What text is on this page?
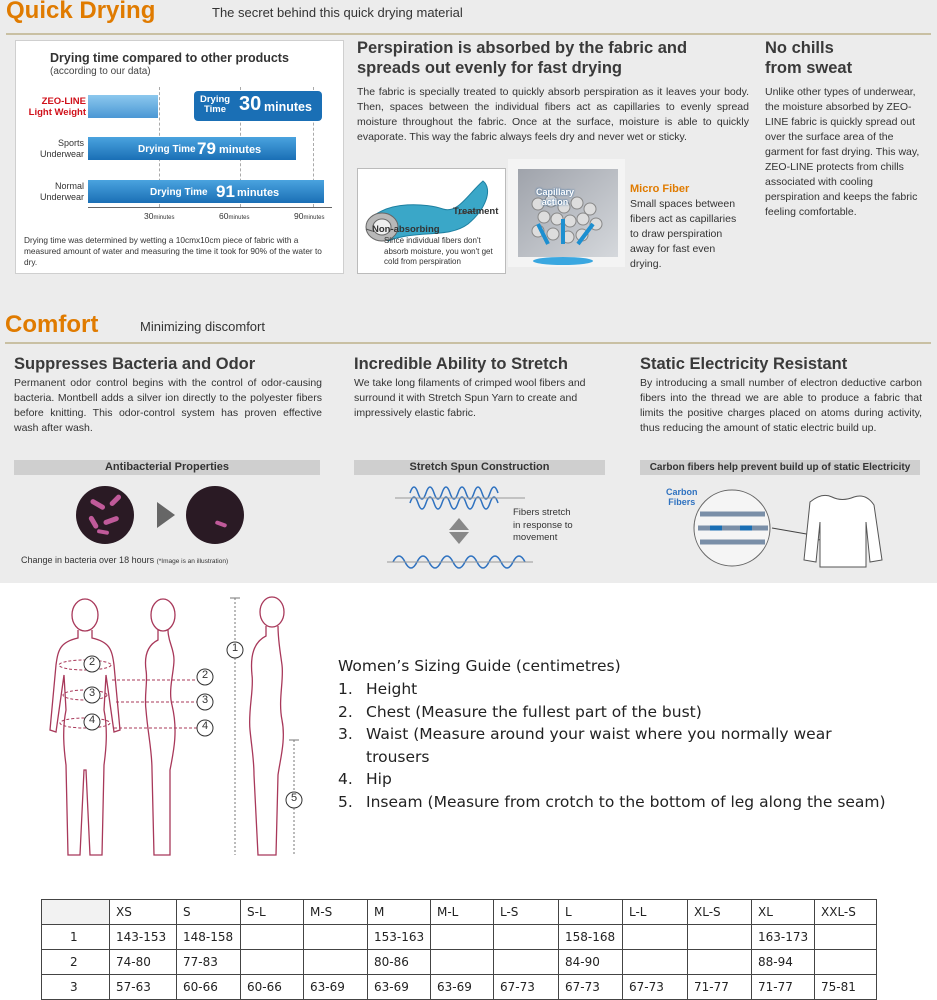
Quick Drying	The secret behind this quick drying material
Drying time compared to other products
(according to our data)
ZEO-LINE
Light Weight
Drying
Time 30 minutes
Sports
Underwear	Drying Time 79 minutes
Normal
Underwear	Drying Time 91 minutes
30minutes	60minutes	90minutes
Drying time was determined by wetting a 10cmx10cm piece of fabric with a measured amount of water and measuring the time it took for 90% of the water to dry.
Perspiration is absorbed by the fabric and
spreads out evenly for fast drying
The fabric is specially treated to quickly absorb perspiration as it leaves your body. Then, spaces between the individual fibers act as capillaries to evenly spread moisture throughout the fabric. Once at the surface, moisture is able to quickly evaporate. This way the fabric always feels dry and never wet or sticky.
Treatment
Non-absorbing
Since individual fibers don't absorb moisture, you won't get cold from perspiration
Capillary
action
Micro Fiber
Small spaces between fibers act as capillaries to draw perspiration away for fast even drying.
No chills
from sweat
Unlike other types of underwear, the moisture absorbed by ZEO-LINE fabric is quickly spread out over the surface area of the garment for fast drying. This way, ZEO-LINE protects from chills associated with cooling perspiration and keeps the fabric feeling comfortable.
Comfort	Minimizing discomfort
Suppresses Bacteria and Odor
Permanent odor control begins with the control of odor-causing bacteria. Montbell adds a silver ion directly to the polyester fibers before knitting. This odor-control system has proven effective wash after wash.
Antibacterial Properties
Change in bacteria over 18 hours (*Image is an illustration)
Incredible Ability to Stretch
We take long filaments of crimped wool fibers and surround it with Stretch Spun Yarn to create and impressively elastic fabric.
Stretch Spun Construction
Fibers stretch
in response to
movement
Static Electricity Resistant
By introducing a small number of electron deductive carbon fibers into the thread we are able to produce a fabric that limits the positive charges placed on atoms during activity, thus reducing the amount of static electric build up.
Carbon fibers help prevent build up of static Electricity
Carbon
Fibers
1
2
2
3
3
4	4
5
Women’s Sizing Guide (centimetres)
1. Height
2. Chest (Measure the fullest part of the bust)
3. Waist (Measure around your waist where you normally wear
trousers
4. Hip
5. Inseam (Measure from crotch to the bottom of leg along the seam)
	XS	S	S-L	M-S	M	M-L	L-S	L	L-L	XL-S	XL	XXL-S
1	143-153	148-158			153-163			158-168			163-173	
2	74-80	77-83			80-86			84-90			88-94	
3	57-63	60-66	60-66	63-69	63-69	63-69	67-73	67-73	67-73	71-77	71-77	75-81
